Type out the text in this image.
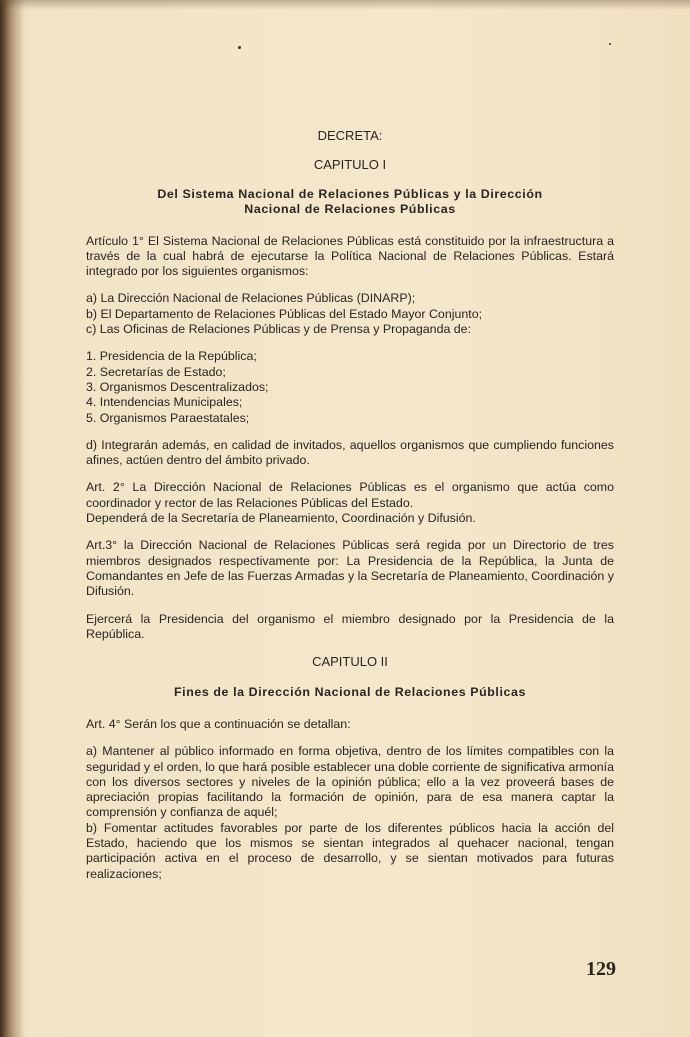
DECRETA:
CAPITULO I
Del Sistema Nacional de Relaciones Públicas y la Dirección
Nacional de Relaciones Públicas

Artículo 1° El Sistema Nacional de Relaciones Públicas está constituido por la infraestructura a través de la cual habrá de ejecutarse la Política Nacional de Relaciones Públicas. Estará integrado por los siguientes organismos:

a) La Dirección Nacional de Relaciones Públicas (DINARP);
b) El Departamento de Relaciones Públicas del Estado Mayor Conjunto;
c) Las Oficinas de Relaciones Públicas y de Prensa y Propaganda de:
1. Presidencia de la República;
2. Secretarías de Estado;
3. Organismos Descentralizados;
4. Intendencias Municipales;
5. Organismos Paraestatales;

d) Integrarán además, en calidad de invitados, aquellos organismos que cumpliendo funciones afines, actúen dentro del ámbito privado.

Art. 2° La Dirección Nacional de Relaciones Públicas es el organismo que actúa como coordinador y rector de las Relaciones Públicas del Estado.

Dependerá de la Secretaría de Planeamiento, Coordinación y Difusión.

Art.3° la Dirección Nacional de Relaciones Públicas será regida por un Directorio de tres miembros designados respectivamente por: La Presidencia de la República, la Junta de Comandantes en Jefe de las Fuerzas Armadas y la Secretaría de Planeamiento, Coordinación y Difusión.

Ejercerá la Presidencia del organismo el miembro designado por la Presidencia de la República.

CAPITULO II
Fines de la Dirección Nacional de Relaciones Públicas

Art. 4° Serán los que a continuación se detallan:

a) Mantener al público informado en forma objetiva, dentro de los límites compatibles con la seguridad y el orden, lo que hará posible establecer una doble corriente de significativa armonía con los diversos sectores y niveles de la opinión pública; ello a la vez proveerá bases de apreciación propias facilitando la formación de opinión, para de esa manera captar la comprensión y confianza de aquél;

b) Fomentar actitudes favorables por parte de los diferentes públicos hacia la acción del Estado, haciendo que los mismos se sientan integrados al quehacer nacional, tengan participación activa en el proceso de desarrollo, y se sientan motivados para futuras realizaciones;

129
